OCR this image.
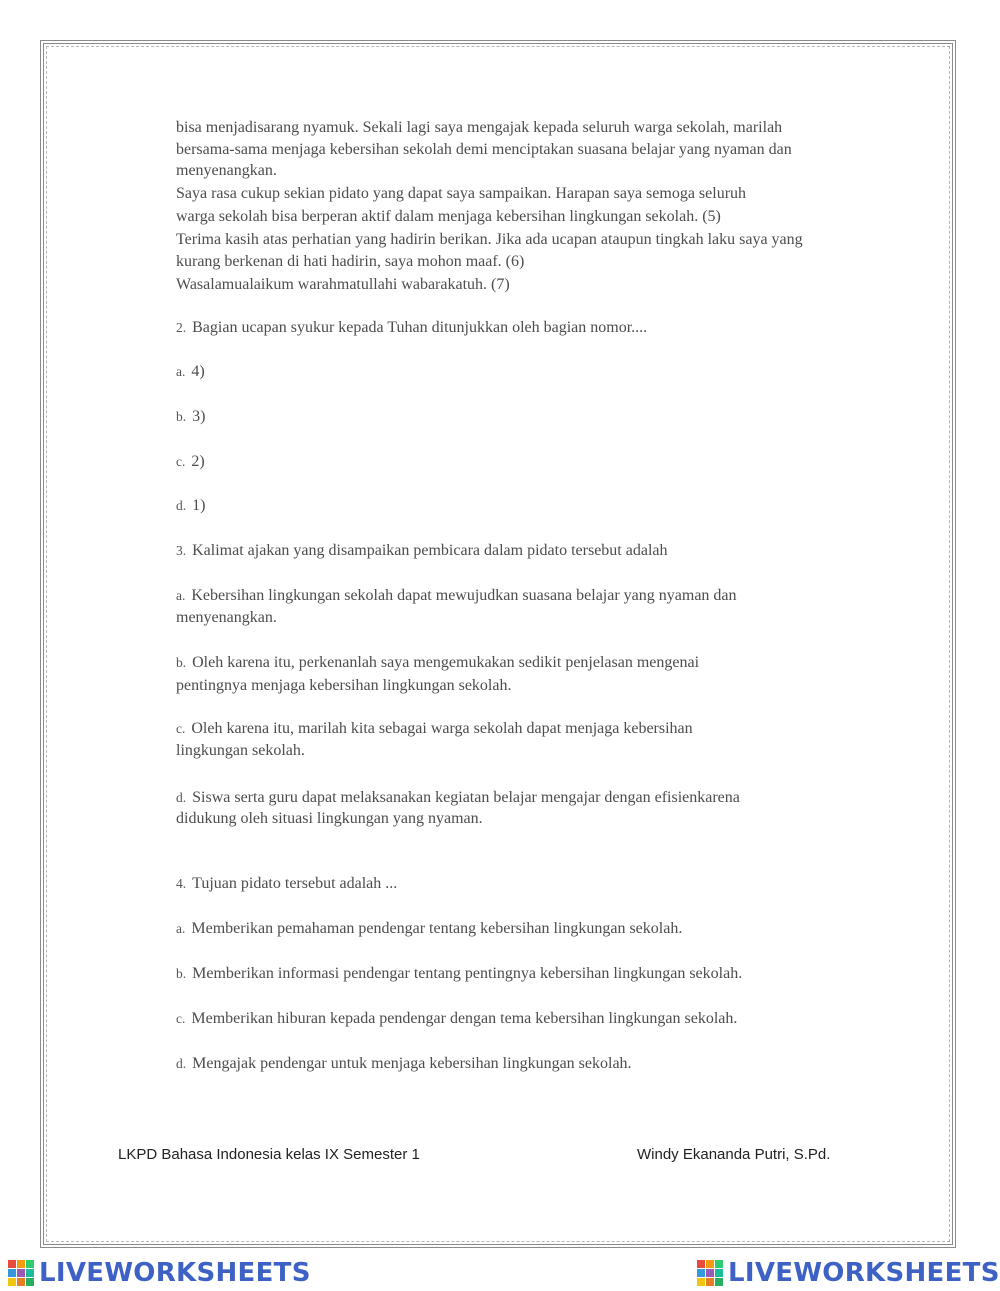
bisa menjadisarang nyamuk. Sekali lagi saya mengajak kepada seluruh warga sekolah, marilah
bersama-sama menjaga kebersihan sekolah demi menciptakan suasana belajar yang nyaman dan
menyenangkan.
Saya rasa cukup sekian pidato yang dapat saya sampaikan. Harapan saya semoga seluruh
warga sekolah bisa berperan aktif dalam menjaga kebersihan lingkungan sekolah. (5)
Terima kasih atas perhatian yang hadirin berikan. Jika ada ucapan ataupun tingkah laku saya yang
kurang berkenan di hati hadirin, saya mohon maaf. (6)
Wasalamualaikum warahmatullahi wabarakatuh. (7)
2. Bagian ucapan syukur kepada Tuhan ditunjukkan oleh bagian nomor....
a. 4)
b. 3)
c. 2)
d. 1)
3. Kalimat ajakan yang disampaikan pembicara dalam pidato tersebut adalah
a. Kebersihan lingkungan sekolah dapat mewujudkan suasana belajar yang nyaman dan
menyenangkan.
b. Oleh karena itu, perkenanlah saya mengemukakan sedikit penjelasan mengenai
pentingnya menjaga kebersihan lingkungan sekolah.
c. Oleh karena itu, marilah kita sebagai warga sekolah dapat menjaga kebersihan
lingkungan sekolah.
d. Siswa serta guru dapat melaksanakan kegiatan belajar mengajar dengan efisienkarena
didukung oleh situasi lingkungan yang nyaman.
4. Tujuan pidato tersebut adalah ...
a. Memberikan pemahaman pendengar tentang kebersihan lingkungan sekolah.
b. Memberikan informasi pendengar tentang pentingnya kebersihan lingkungan sekolah.
c. Memberikan hiburan kepada pendengar dengan tema kebersihan lingkungan sekolah.
d. Mengajak pendengar untuk menjaga kebersihan lingkungan sekolah.
LKPD Bahasa Indonesia kelas IX Semester 1	Windy Ekananda Putri, S.Pd.
LIVEWORKSHEETS	LIVEWORKSHEETS
